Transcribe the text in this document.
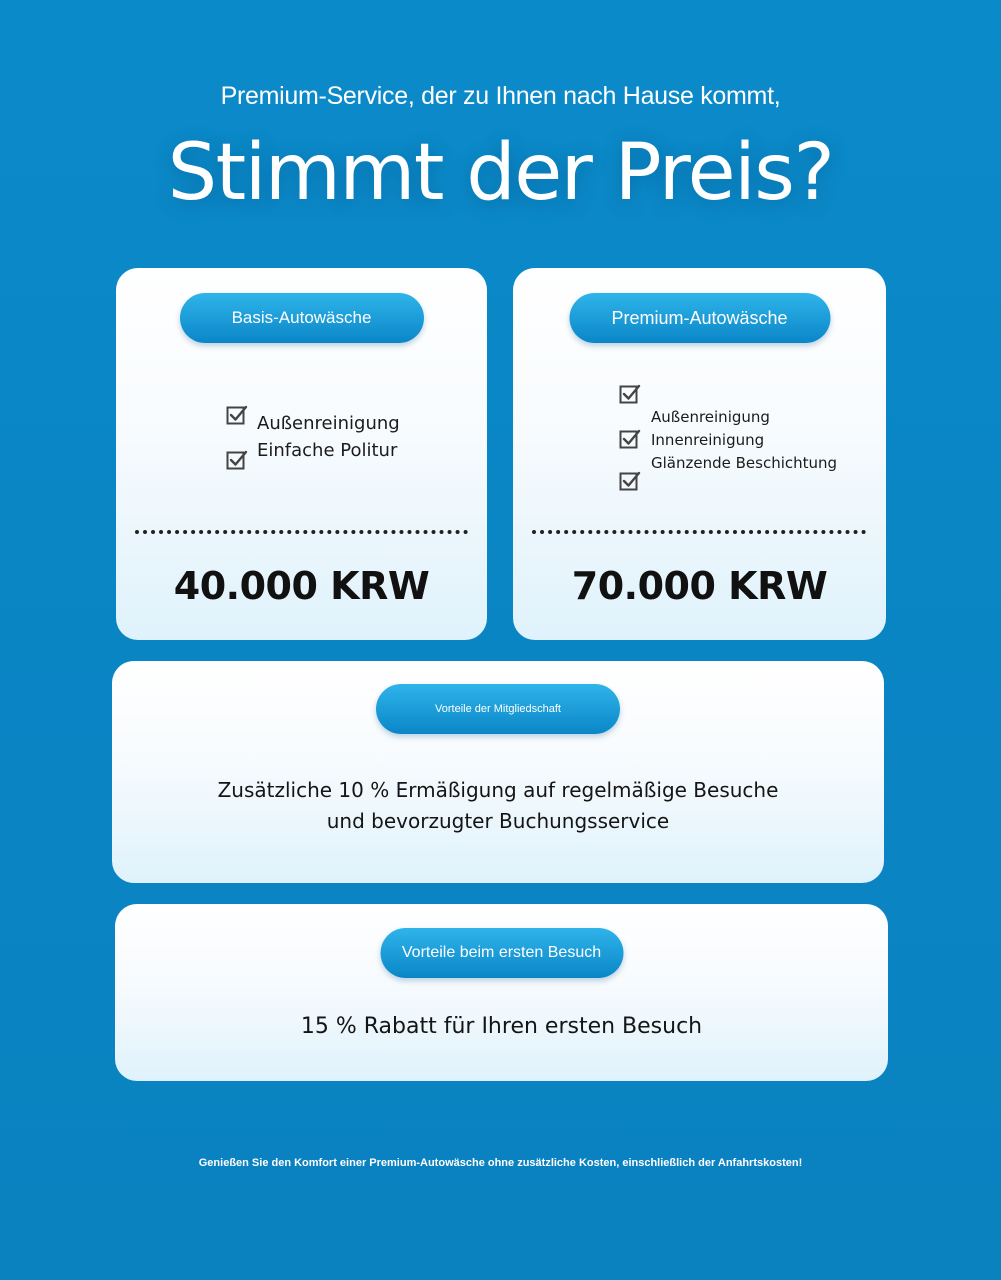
Premium-Service, der zu Ihnen nach Hause kommt,
Stimmt der Preis?
Basis-Autowäsche
Außenreinigung
Einfache Politur
40.000 KRW
Premium-Autowäsche
Außenreinigung
Innenreinigung
Glänzende Beschichtung
70.000 KRW
Vorteile der Mitgliedschaft
Zusätzliche 10 % Ermäßigung auf regelmäßige Besuche
und bevorzugter Buchungsservice
Vorteile beim ersten Besuch
15 % Rabatt für Ihren ersten Besuch
Genießen Sie den Komfort einer Premium-Autowäsche ohne zusätzliche Kosten, einschließlich der Anfahrtskosten!
